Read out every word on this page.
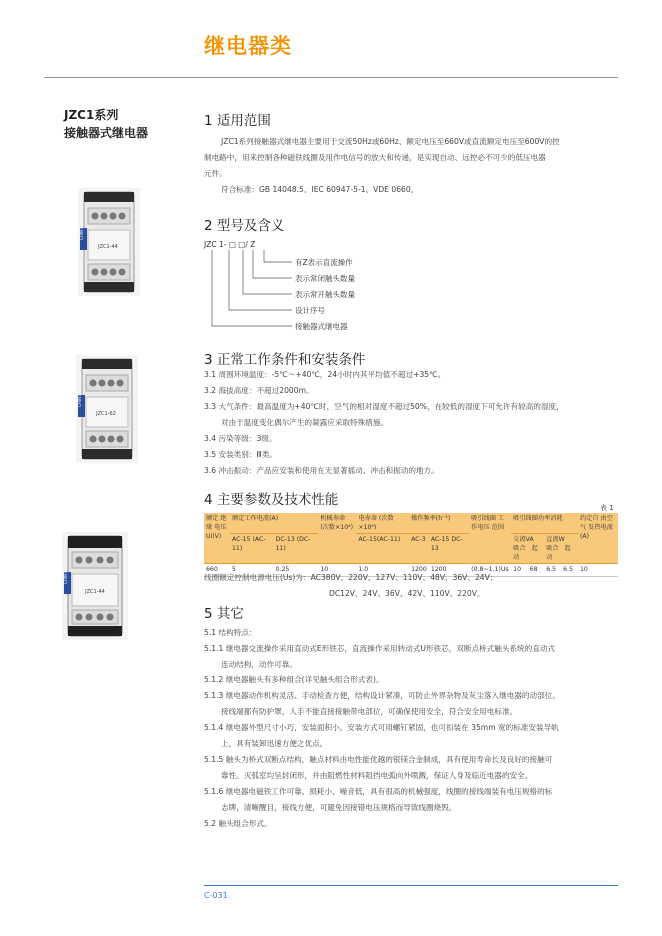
继电器类
JZC1系列
接触器式继电器
JZC1-44
CHINT
JZC1-62
CHINT
JZC1-44
CHINT
1 适用范围
JZC1系列接触器式继电器主要用于交流50Hz或60Hz、额定电压至660V或直流额定电压至600V的控
制电路中，用来控制各种磁铁线圈及用作电信号的放大和传递，是实现自动、远控必不可少的低压电器
元件。
符合标准：GB 14048.5、IEC 60947-5-1、VDE 0660。
2 型号及含义
JZC 1- □ □/ Z
有Z表示直流操作
表示常闭触头数量
表示常开触头数量
设计序号
接触器式继电器
3 正常工作条件和安装条件
3.1 周围环境温度：-5℃～+40℃，24小时内其平均值不超过+35℃。
3.2 海拔高度：不超过2000m。
3.3 大气条件：最高温度为+40℃时，空气的相对湿度不超过50%，在较低的湿度下可允许有较高的湿度，
对由于温度变化偶尔产生的凝露应采取特殊措施。
3.4 污染等级：3级。
3.5 安装类别：Ⅲ类。
3.6 冲击振动：产品应安装和使用在无显著摇动、冲击和振动的地方。
4 主要参数及技术性能	表 1
额定 绝缘 电压Ui(V)	额定工作电流(A)		机械寿命 (次数×10⁴)	电寿命 (次数×10⁴)	操作频率(h⁻¹)		吸引线圈 工作电压 范围	吸引线圈功率消耗				约定自 由空气 发热电流(A)
	AC-15 (AC-11)	DC-13 (DC-11)		AC-15(AC-11)	AC-3	AC-15 DC-13		交流VA
吸合 起动		直流W
吸合 起动		
660	5	0.25	10	1.0	1200	1200	(0.8~1.1)Us	10	68	6.5	6.5	10
线圈额定控制电源电压(Us)为：AC380V、220V、127V、110V、48V、36V、24V；
DC12V、24V、36V、42V、110V、220V。
5 其它
5.1 结构特点：
5.1.1 继电器交流操作采用直动式E形铁芯，直流操作采用转动式U形铁芯，双断点桥式触头系统的直动式
连动结构，动作可靠。
5.1.2 继电器触头有多种组合(详见触头组合形式表)。
5.1.3 继电器动作机构灵活、手动检查方便，结构设计紧凑，可防止外界杂物及灰尘落入继电器的动部位。
接线端都有防护罩，人手不能直接接触带电部位，可确保使用安全，符合安全用电标准。
5.1.4 继电器外型尺寸小巧，安装面积小。安装方式可用螺钉紧固，也可扣装在 35mm 宽的标准安装导轨
上，具有装卸迅速方便之优点。
5.1.5 触头为桥式双断点结构，触点材料由电性能优越的银镁合金制成，具有使用寿命长及良好的接触可
靠性。灭弧室均呈封闭形，并由阻燃性材料阻挡电弧向外喷溅，保证人身及临近电器的安全。
5.1.6 继电器电磁铁工作可靠、损耗小、噪音低，具有很高的机械强度，线圈的接线端装有电压规格的标
志牌，清晰醒目，接线方便，可避免因接错电压规格而导致线圈烧毁。
5.2 触头组合形式。
C-031
